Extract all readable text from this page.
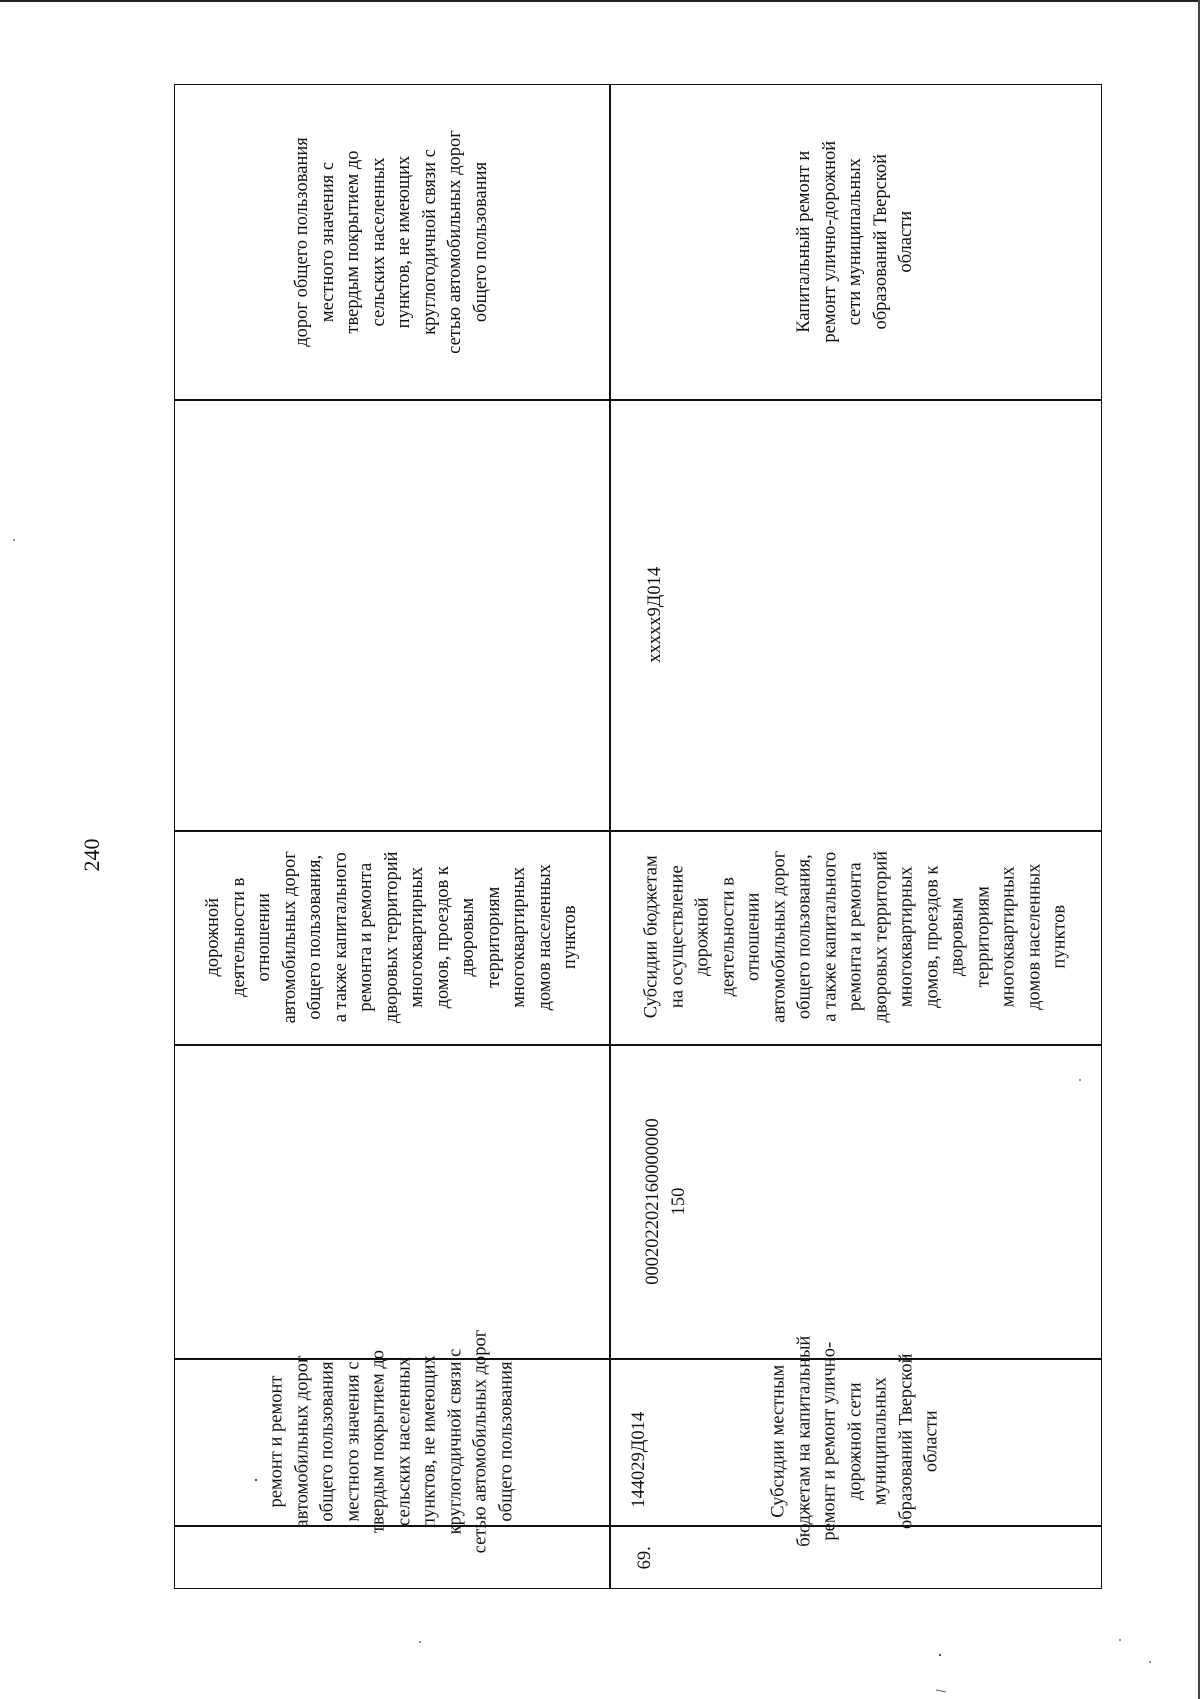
240
дорог общего пользования
местного значения с
твердым покрытием до
сельских населенных
пунктов, не имеющих
круглогодичной связи с
сетью автомобильных дорог
общего пользования
дорожной
деятельности в
отношении
автомобильных дорог
общего пользования,
а также капитального
ремонта и ремонта
дворовых территорий
многоквартирных
домов, проездов к
дворовым
территориям
многоквартирных
домов населенных
пунктов
ремонт и ремонт
автомобильных дорог
общего пользования
местного значения с
твердым покрытием до
сельских населенных
пунктов, не имеющих
круглогодичной связи с
сетью автомобильных дорог
общего пользования
Капитальный ремонт и
ремонт улично-дорожной
сети муниципальных
образований Тверской
области
xxxxx9Д014
Субсидии бюджетам
на осуществление
дорожной
деятельности в
отношении
автомобильных дорог
общего пользования,
а также капитального
ремонта и ремонта
дворовых территорий
многоквартирных
домов, проездов к
дворовым
территориям
многоквартирных
домов населенных
пунктов
000202202160000000
150
Субсидии местным
бюджетам на капитальный
ремонт и ремонт улично-
дорожной сети
муниципальных
образований Тверской
области
69.
144029Д014
